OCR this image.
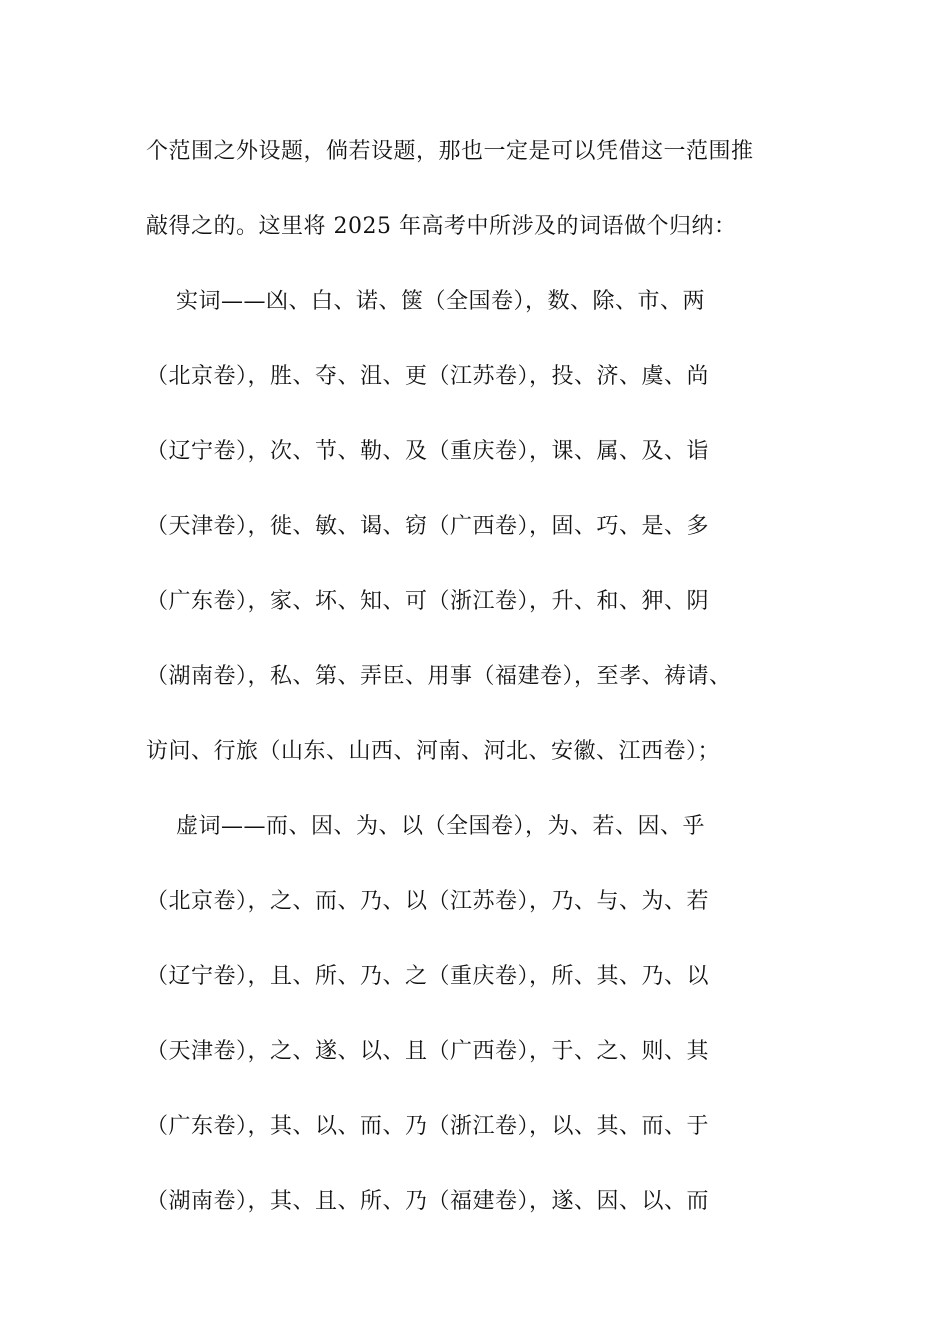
个范围之外设题，倘若设题，那也一定是可以凭借这一范围推
敲得之的。这里将 2025 年高考中所涉及的词语做个归纳：
实词——凶、白、诺、箧（全国卷），数、除、市、两
（北京卷），胜、夺、沮、更（江苏卷），投、济、虞、尚
（辽宁卷），次、节、勒、及（重庆卷），课、属、及、诣
（天津卷），徙、敏、谒、窃（广西卷），固、巧、是、多
（广东卷），家、坏、知、可（浙江卷），升、和、狎、阴
（湖南卷），私、第、弄臣、用事（福建卷），至孝、祷请、
访问、行旅（山东、山西、河南、河北、安徽、江西卷）；
虚词——而、因、为、以（全国卷），为、若、因、乎
（北京卷），之、而、乃、以（江苏卷），乃、与、为、若
（辽宁卷），且、所、乃、之（重庆卷），所、其、乃、以
（天津卷），之、遂、以、且（广西卷），于、之、则、其
（广东卷），其、以、而、乃（浙江卷），以、其、而、于
（湖南卷），其、且、所、乃（福建卷），遂、因、以、而
